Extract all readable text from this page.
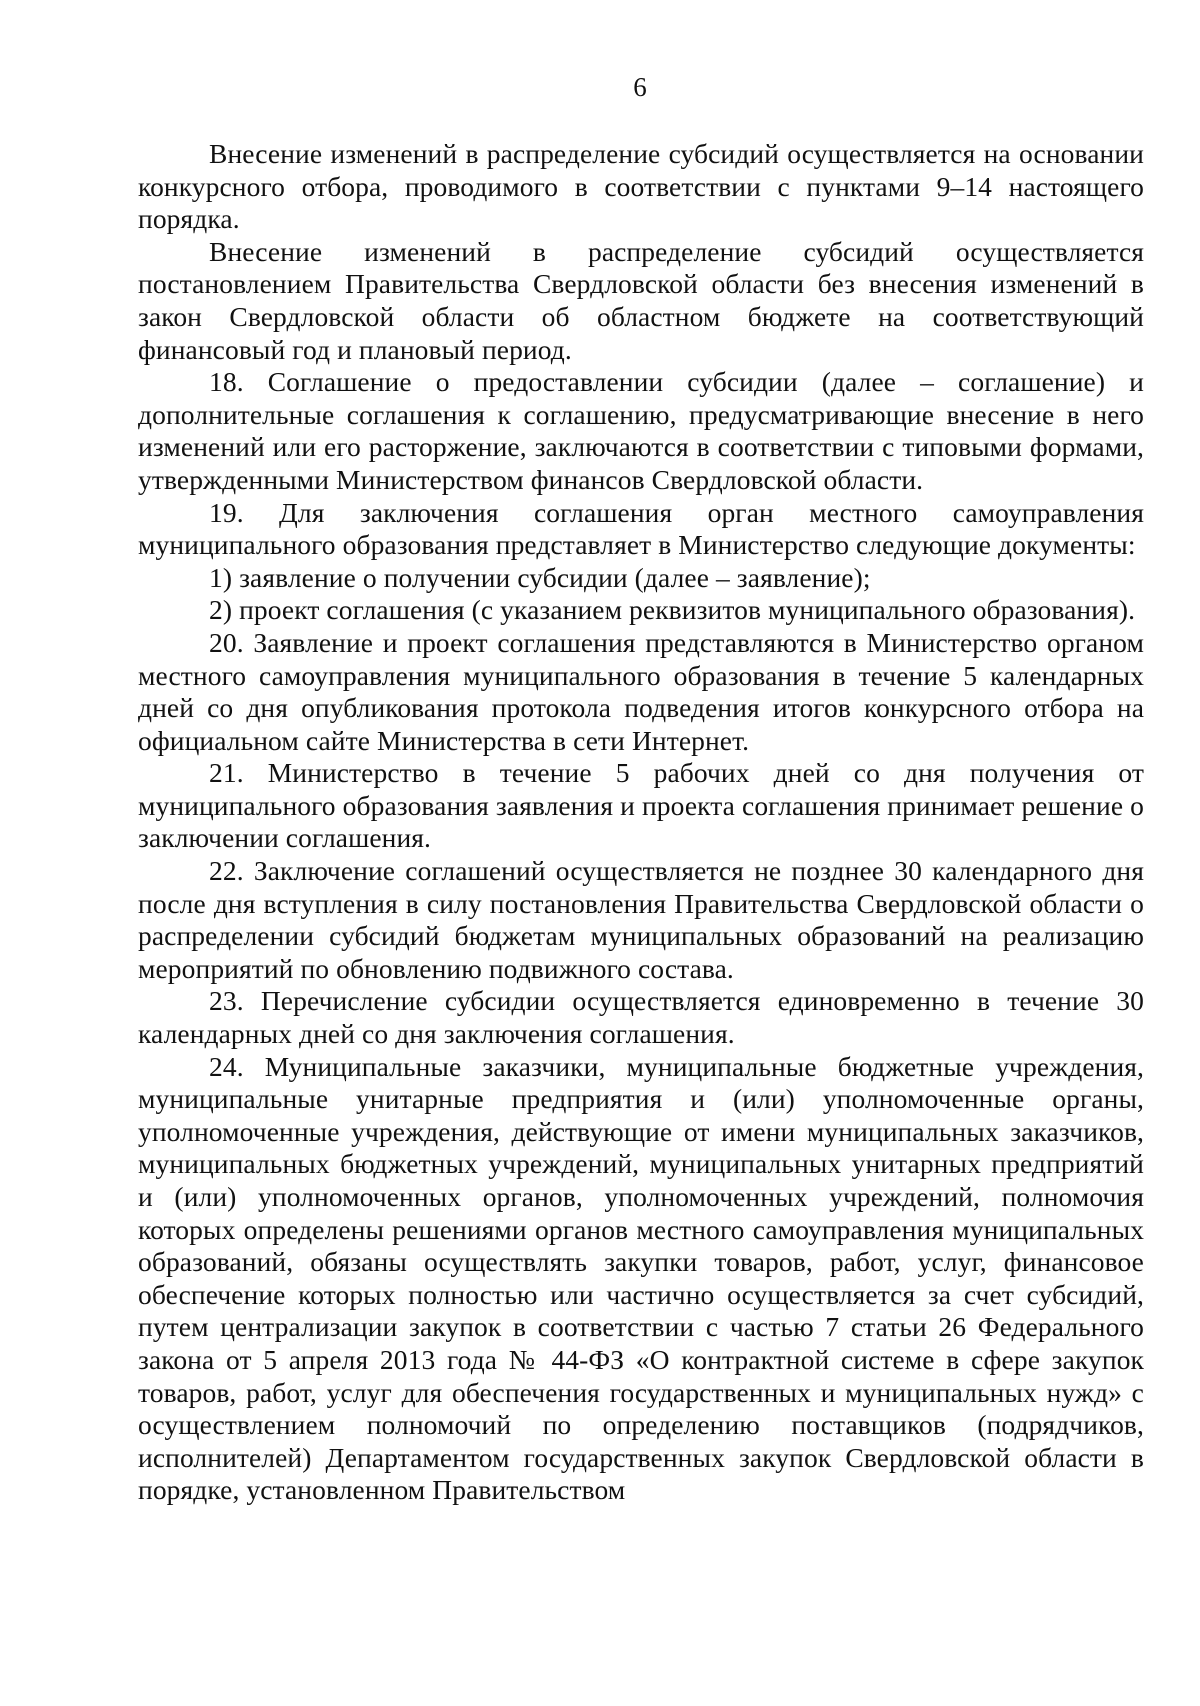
6

Внесение изменений в распределение субсидий осуществляется на основании конкурсного отбора, проводимого в соответствии с пунктами 9–14 настоящего порядка.

Внесение изменений в распределение субсидий осуществляется постановлением Правительства Свердловской области без внесения изменений в закон Свердловской области об областном бюджете на соответствующий финансовый год и плановый период.

18. Соглашение о предоставлении субсидии (далее – соглашение) и дополнительные соглашения к соглашению, предусматривающие внесение в него изменений или его расторжение, заключаются в соответствии с типовыми формами, утвержденными Министерством финансов Свердловской области.

19. Для заключения соглашения орган местного самоуправления муниципального образования представляет в Министерство следующие документы:

1) заявление о получении субсидии (далее – заявление);

2) проект соглашения (с указанием реквизитов муниципального образования).

20. Заявление и проект соглашения представляются в Министерство органом местного самоуправления муниципального образования в течение 5 календарных дней со дня опубликования протокола подведения итогов конкурсного отбора на официальном сайте Министерства в сети Интернет.

21. Министерство в течение 5 рабочих дней со дня получения от муниципального образования заявления и проекта соглашения принимает решение о заключении соглашения.

22. Заключение соглашений осуществляется не позднее 30 календарного дня после дня вступления в силу постановления Правительства Свердловской области о распределении субсидий бюджетам муниципальных образований на реализацию мероприятий по обновлению подвижного состава.

23. Перечисление субсидии осуществляется единовременно в течение 30 календарных дней со дня заключения соглашения.

24. Муниципальные заказчики, муниципальные бюджетные учреждения, муниципальные унитарные предприятия и (или) уполномоченные органы, уполномоченные учреждения, действующие от имени муниципальных заказчиков, муниципальных бюджетных учреждений, муниципальных унитарных предприятий и (или) уполномоченных органов, уполномоченных учреждений, полномочия которых определены решениями органов местного самоуправления муниципальных образований, обязаны осуществлять закупки товаров, работ, услуг, финансовое обеспечение которых полностью или частично осуществляется за счет субсидий, путем централизации закупок в соответствии с частью 7 статьи 26 Федерального закона от 5 апреля 2013 года № 44-ФЗ «О контрактной системе в сфере закупок товаров, работ, услуг для обеспечения государственных и муниципальных нужд» с осуществлением полномочий по определению поставщиков (подрядчиков, исполнителей) Департаментом государственных закупок Свердловской области в порядке, установленном Правительством
